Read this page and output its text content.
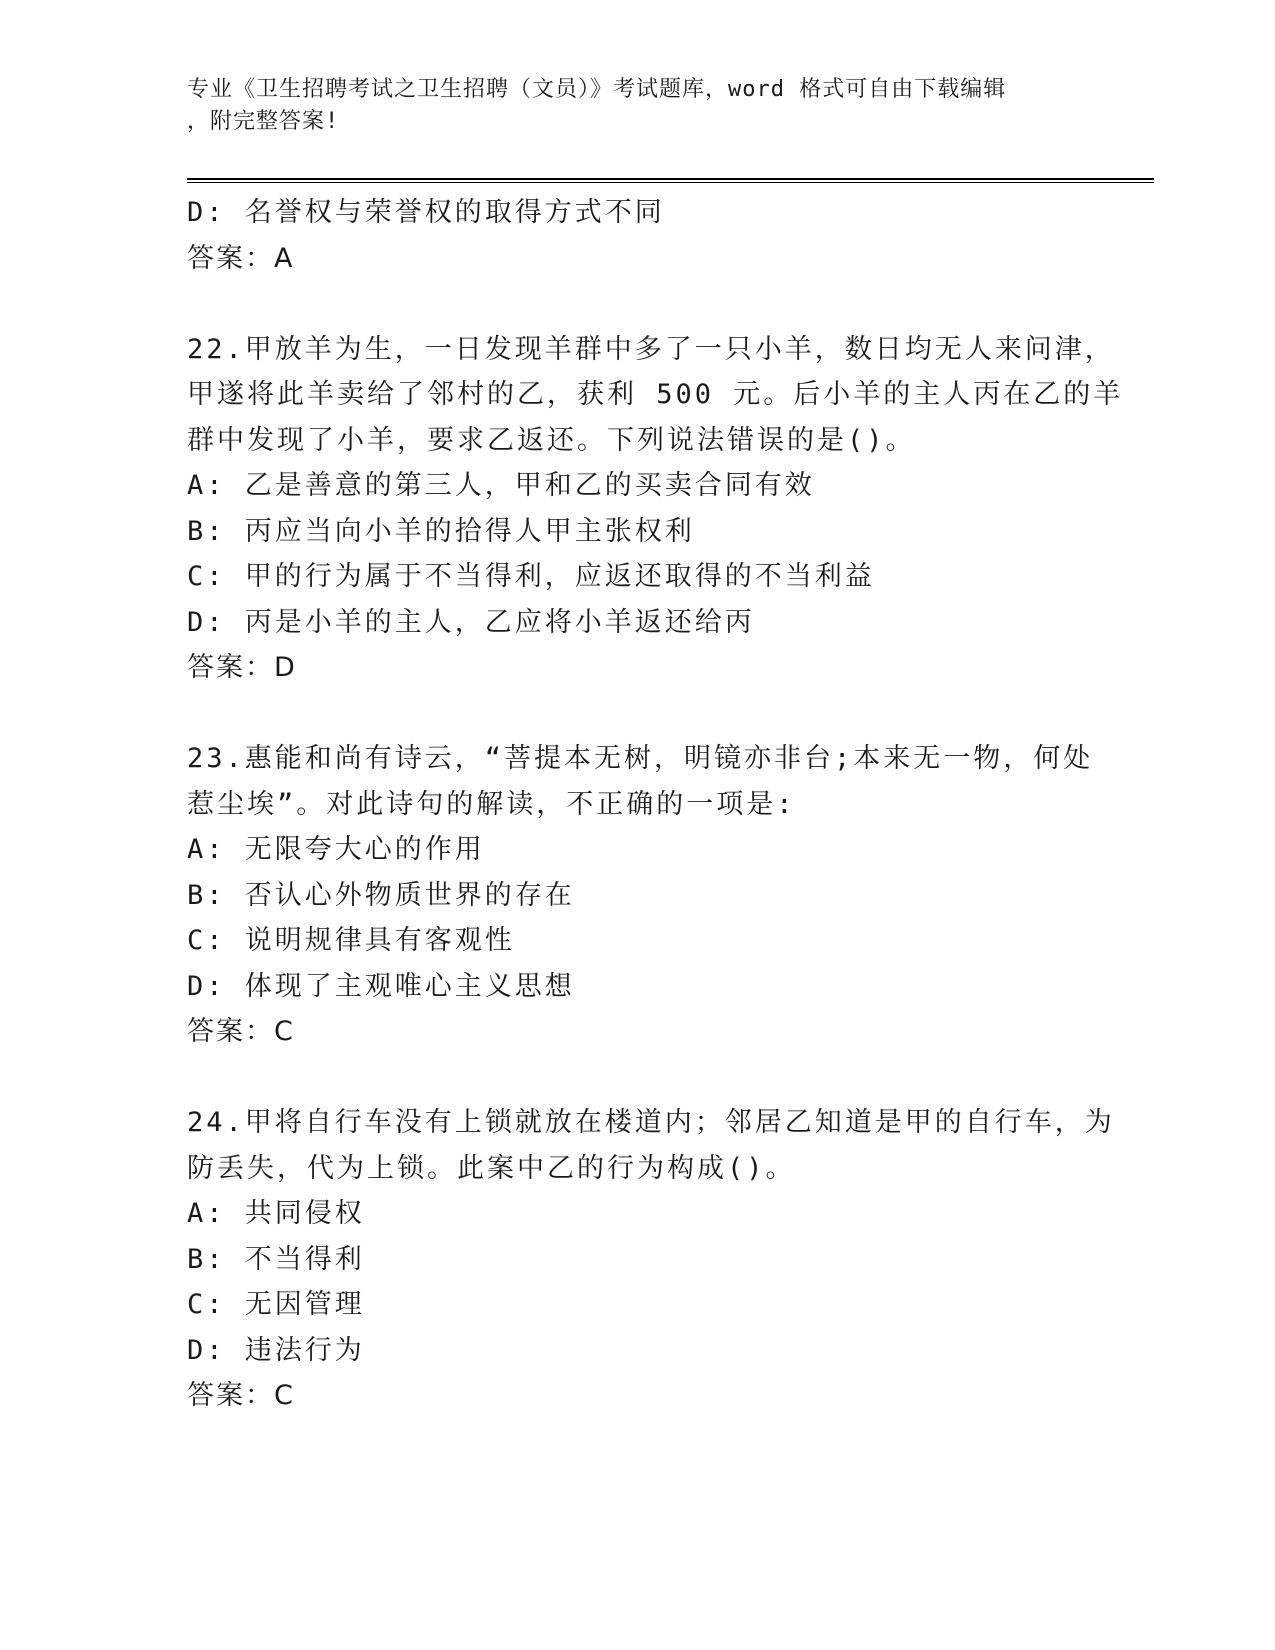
专业《卫生招聘考试之卫生招聘（文员）》考试题库，word 格式可自由下载编辑
，附完整答案!
D: 名誉权与荣誉权的取得方式不同
答案：A
22.甲放羊为生，一日发现羊群中多了一只小羊，数日均无人来问津，
甲遂将此羊卖给了邻村的乙，获利 500 元。后小羊的主人丙在乙的羊
群中发现了小羊，要求乙返还。下列说法错误的是()。
A: 乙是善意的第三人，甲和乙的买卖合同有效
B: 丙应当向小羊的拾得人甲主张权利
C: 甲的行为属于不当得利，应返还取得的不当利益
D: 丙是小羊的主人，乙应将小羊返还给丙
答案：D
23.惠能和尚有诗云，“菩提本无树，明镜亦非台;本来无一物，何处
惹尘埃”。对此诗句的解读，不正确的一项是:
A: 无限夸大心的作用
B: 否认心外物质世界的存在
C: 说明规律具有客观性
D: 体现了主观唯心主义思想
答案：C
24.甲将自行车没有上锁就放在楼道内；邻居乙知道是甲的自行车，为
防丢失，代为上锁。此案中乙的行为构成()。
A: 共同侵权
B: 不当得利
C: 无因管理
D: 违法行为
答案：C
